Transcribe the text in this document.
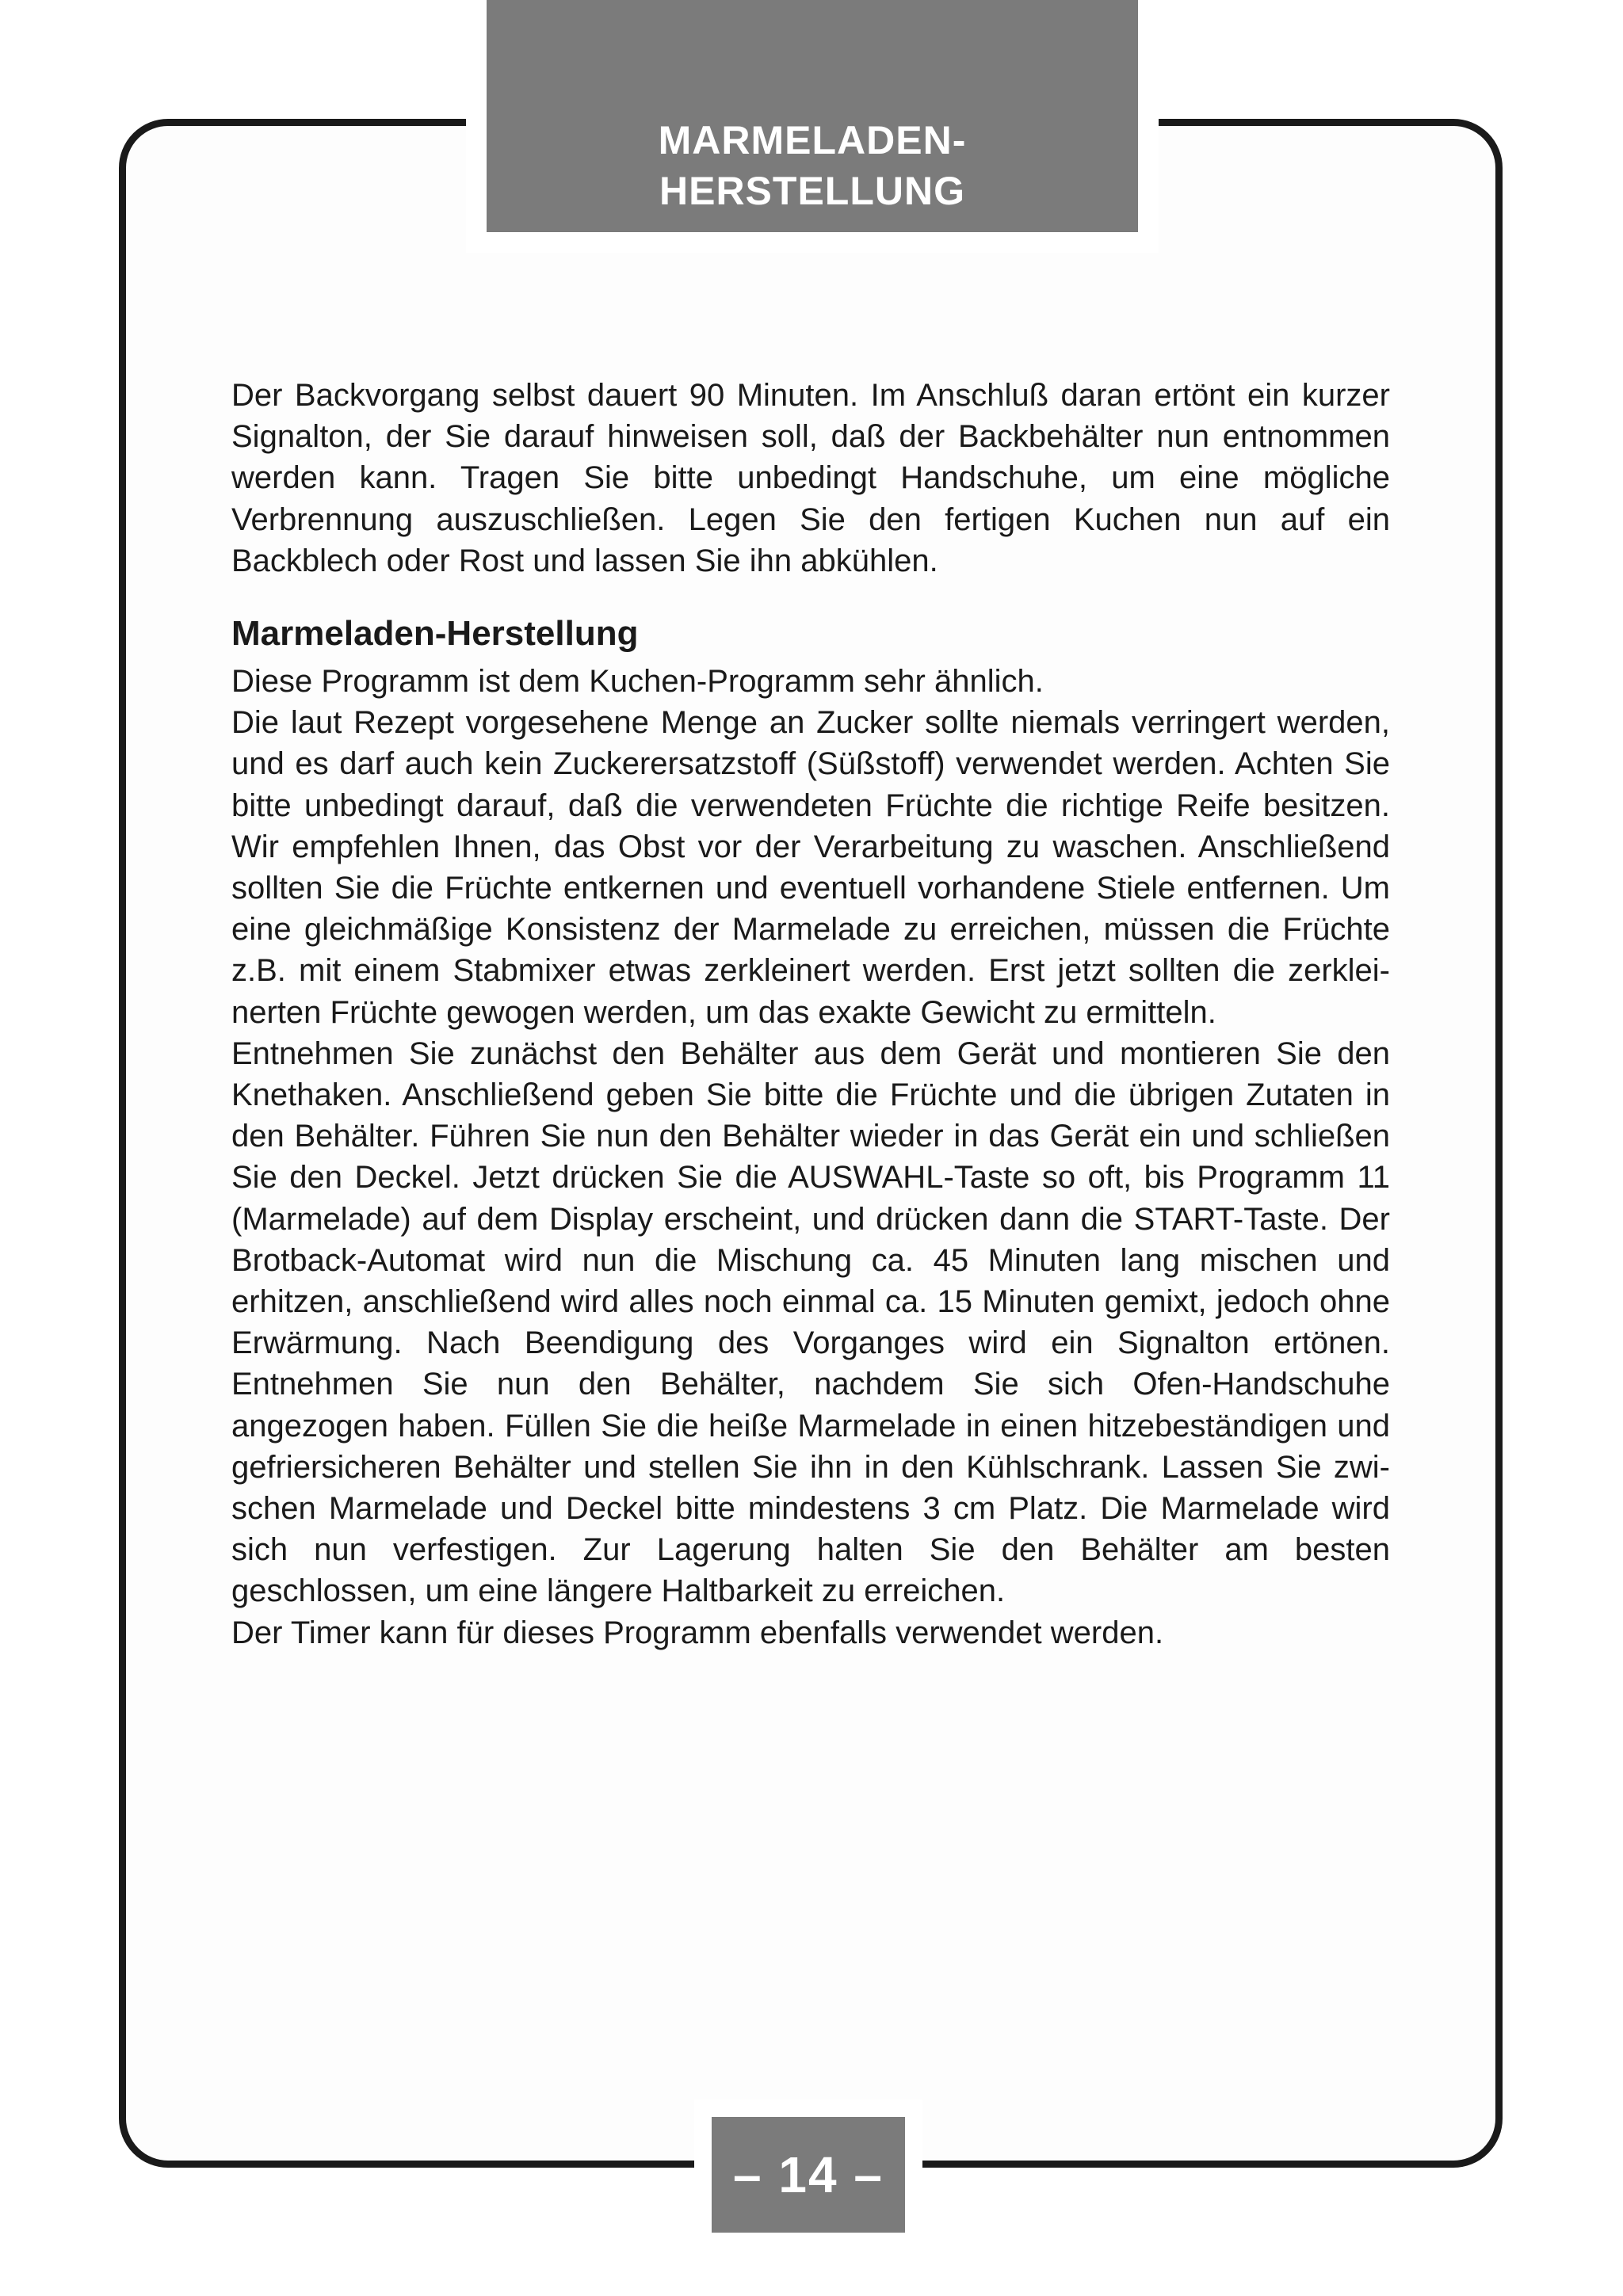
MARMELADEN-
HERSTELLUNG

Der Backvorgang selbst dauert 90 Minuten. Im Anschluß daran ertönt ein kurzer Signalton, der Sie darauf hinweisen soll, daß der Backbehälter nun entnommen werden kann. Tragen Sie bitte unbedingt Handschuhe, um eine mögliche Verbrennung auszuschließen. Legen Sie den fertigen Kuchen nun auf ein Backblech oder Rost und lassen Sie ihn abkühlen.

Marmeladen-Herstellung

Diese Programm ist dem Kuchen-Programm sehr ähnlich.

Die laut Rezept vorgesehene Menge an Zucker sollte niemals verringert werden, und es darf auch kein Zuckerersatzstoff (Süßstoff) verwendet werden. Achten Sie bitte unbedingt darauf, daß die verwendeten Früchte die richtige Reife besitzen. Wir empfehlen Ihnen, das Obst vor der Verarbeitung zu waschen. Anschließend sollten Sie die Früchte entkernen und eventuell vorhandene Stiele entfernen. Um eine gleichmäßige Konsistenz der Marmelade zu erreichen, müssen die Früchte z.B. mit einem Stabmixer etwas zerkleinert werden. Erst jetzt sollten die zerkleinerten Früchte gewogen werden, um das exakte Gewicht zu ermitteln.

Entnehmen Sie zunächst den Behälter aus dem Gerät und montieren Sie den Knethaken. Anschließend geben Sie bitte die Früchte und die übrigen Zutaten in den Behälter. Führen Sie nun den Behälter wieder in das Gerät ein und schließen Sie den Deckel. Jetzt drücken Sie die AUSWAHL-Taste so oft, bis Programm 11 (Marmelade) auf dem Display erscheint, und drücken dann die START-Taste. Der Brotback-Automat wird nun die Mischung ca. 45 Minuten lang mischen und erhitzen, anschließend wird alles noch einmal ca. 15 Minuten gemixt, jedoch ohne Erwärmung. Nach Beendigung des Vorganges wird ein Signalton ertönen. Entnehmen Sie nun den Behälter, nachdem Sie sich Ofen-Handschuhe angezogen haben. Füllen Sie die heiße Marmelade in einen hitzebeständigen und gefriersicheren Behälter und stellen Sie ihn in den Kühlschrank. Lassen Sie zwischen Marmelade und Deckel bitte mindestens 3 cm Platz. Die Marmelade wird sich nun verfestigen. Zur Lagerung halten Sie den Behälter am besten geschlossen, um eine längere Haltbarkeit zu erreichen.

Der Timer kann für dieses Programm ebenfalls verwendet werden.

– 14 –
